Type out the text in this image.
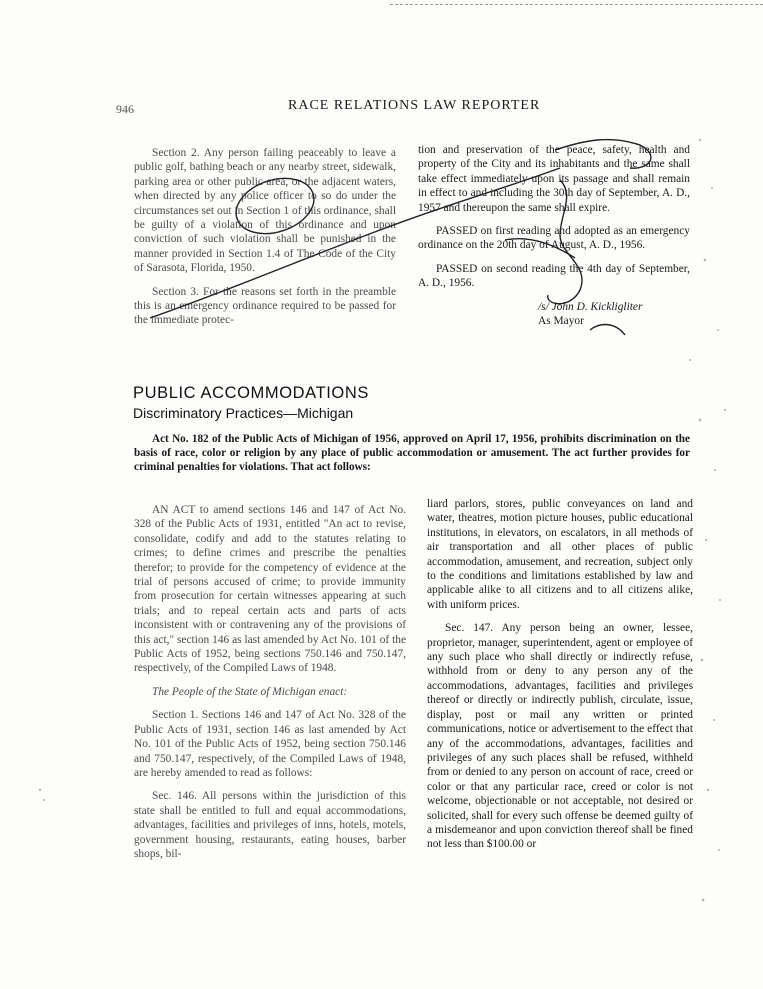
946	RACE RELATIONS LAW REPORTER

Section 2. Any person failing peaceably to leave a public golf, bathing beach or any nearby street, sidewalk, parking area or other public area, or the adjacent waters, when directed by any police officer to so do under the circumstances set out in Section 1 of this ordinance, shall be guilty of a violation of this ordinance and upon conviction of such violation shall be punished in the manner provided in Section 1.4 of The Code of the City of Sarasota, Florida, 1950.

Section 3. For the reasons set forth in the preamble this is an emergency ordinance required to be passed for the immediate protec-

tion and preservation of the peace, safety, health and property of the City and its inhabitants and the same shall take effect immediately upon its passage and shall remain in effect to and including the 30th day of September, A. D., 1957 and thereupon the same shall expire.

PASSED on first reading and adopted as an emergency ordinance on the 20th day of August, A. D., 1956.

PASSED on second reading the 4th day of September, A. D., 1956.

/s/ John D. Kickligliter

As Mayor

PUBLIC ACCOMMODATIONS
Discriminatory Practices—Michigan

Act No. 182 of the Public Acts of Michigan of 1956, approved on April 17, 1956, prohibits discrimination on the basis of race, color or religion by any place of public accommodation or amusement. The act further provides for criminal penalties for violations. That act follows:

AN ACT to amend sections 146 and 147 of Act No. 328 of the Public Acts of 1931, entitled "An act to revise, consolidate, codify and add to the statutes relating to crimes; to define crimes and prescribe the penalties therefor; to provide for the competency of evidence at the trial of persons accused of crime; to provide immunity from prosecution for certain witnesses appearing at such trials; and to repeal certain acts and parts of acts inconsistent with or contravening any of the provisions of this act," section 146 as last amended by Act No. 101 of the Public Acts of 1952, being sections 750.146 and 750.147, respectively, of the Compiled Laws of 1948.

The People of the State of Michigan enact:

Section 1. Sections 146 and 147 of Act No. 328 of the Public Acts of 1931, section 146 as last amended by Act No. 101 of the Public Acts of 1952, being section 750.146 and 750.147, respectively, of the Compiled Laws of 1948, are hereby amended to read as follows:

Sec. 146. All persons within the jurisdiction of this state shall be entitled to full and equal accommodations, advantages, facilities and privileges of inns, hotels, motels, government housing, restaurants, eating houses, barber shops, bil-

liard parlors, stores, public conveyances on land and water, theatres, motion picture houses, public educational institutions, in elevators, on escalators, in all methods of air transportation and all other places of public accommodation, amusement, and recreation, subject only to the conditions and limitations established by law and applicable alike to all citizens and to all citizens alike, with uniform prices.

Sec. 147. Any person being an owner, lessee, proprietor, manager, superintendent, agent or employee of any such place who shall directly or indirectly refuse, withhold from or deny to any person any of the accommodations, advantages, facilities and privileges thereof or directly or indirectly publish, circulate, issue, display, post or mail any written or printed communications, notice or advertisement to the effect that any of the accommodations, advantages, facilities and privileges of any such places shall be refused, withheld from or denied to any person on account of race, creed or color or that any particular race, creed or color is not welcome, objectionable or not acceptable, not desired or solicited, shall for every such offense be deemed guilty of a misdemeanor and upon conviction thereof shall be fined not less than $100.00 or
